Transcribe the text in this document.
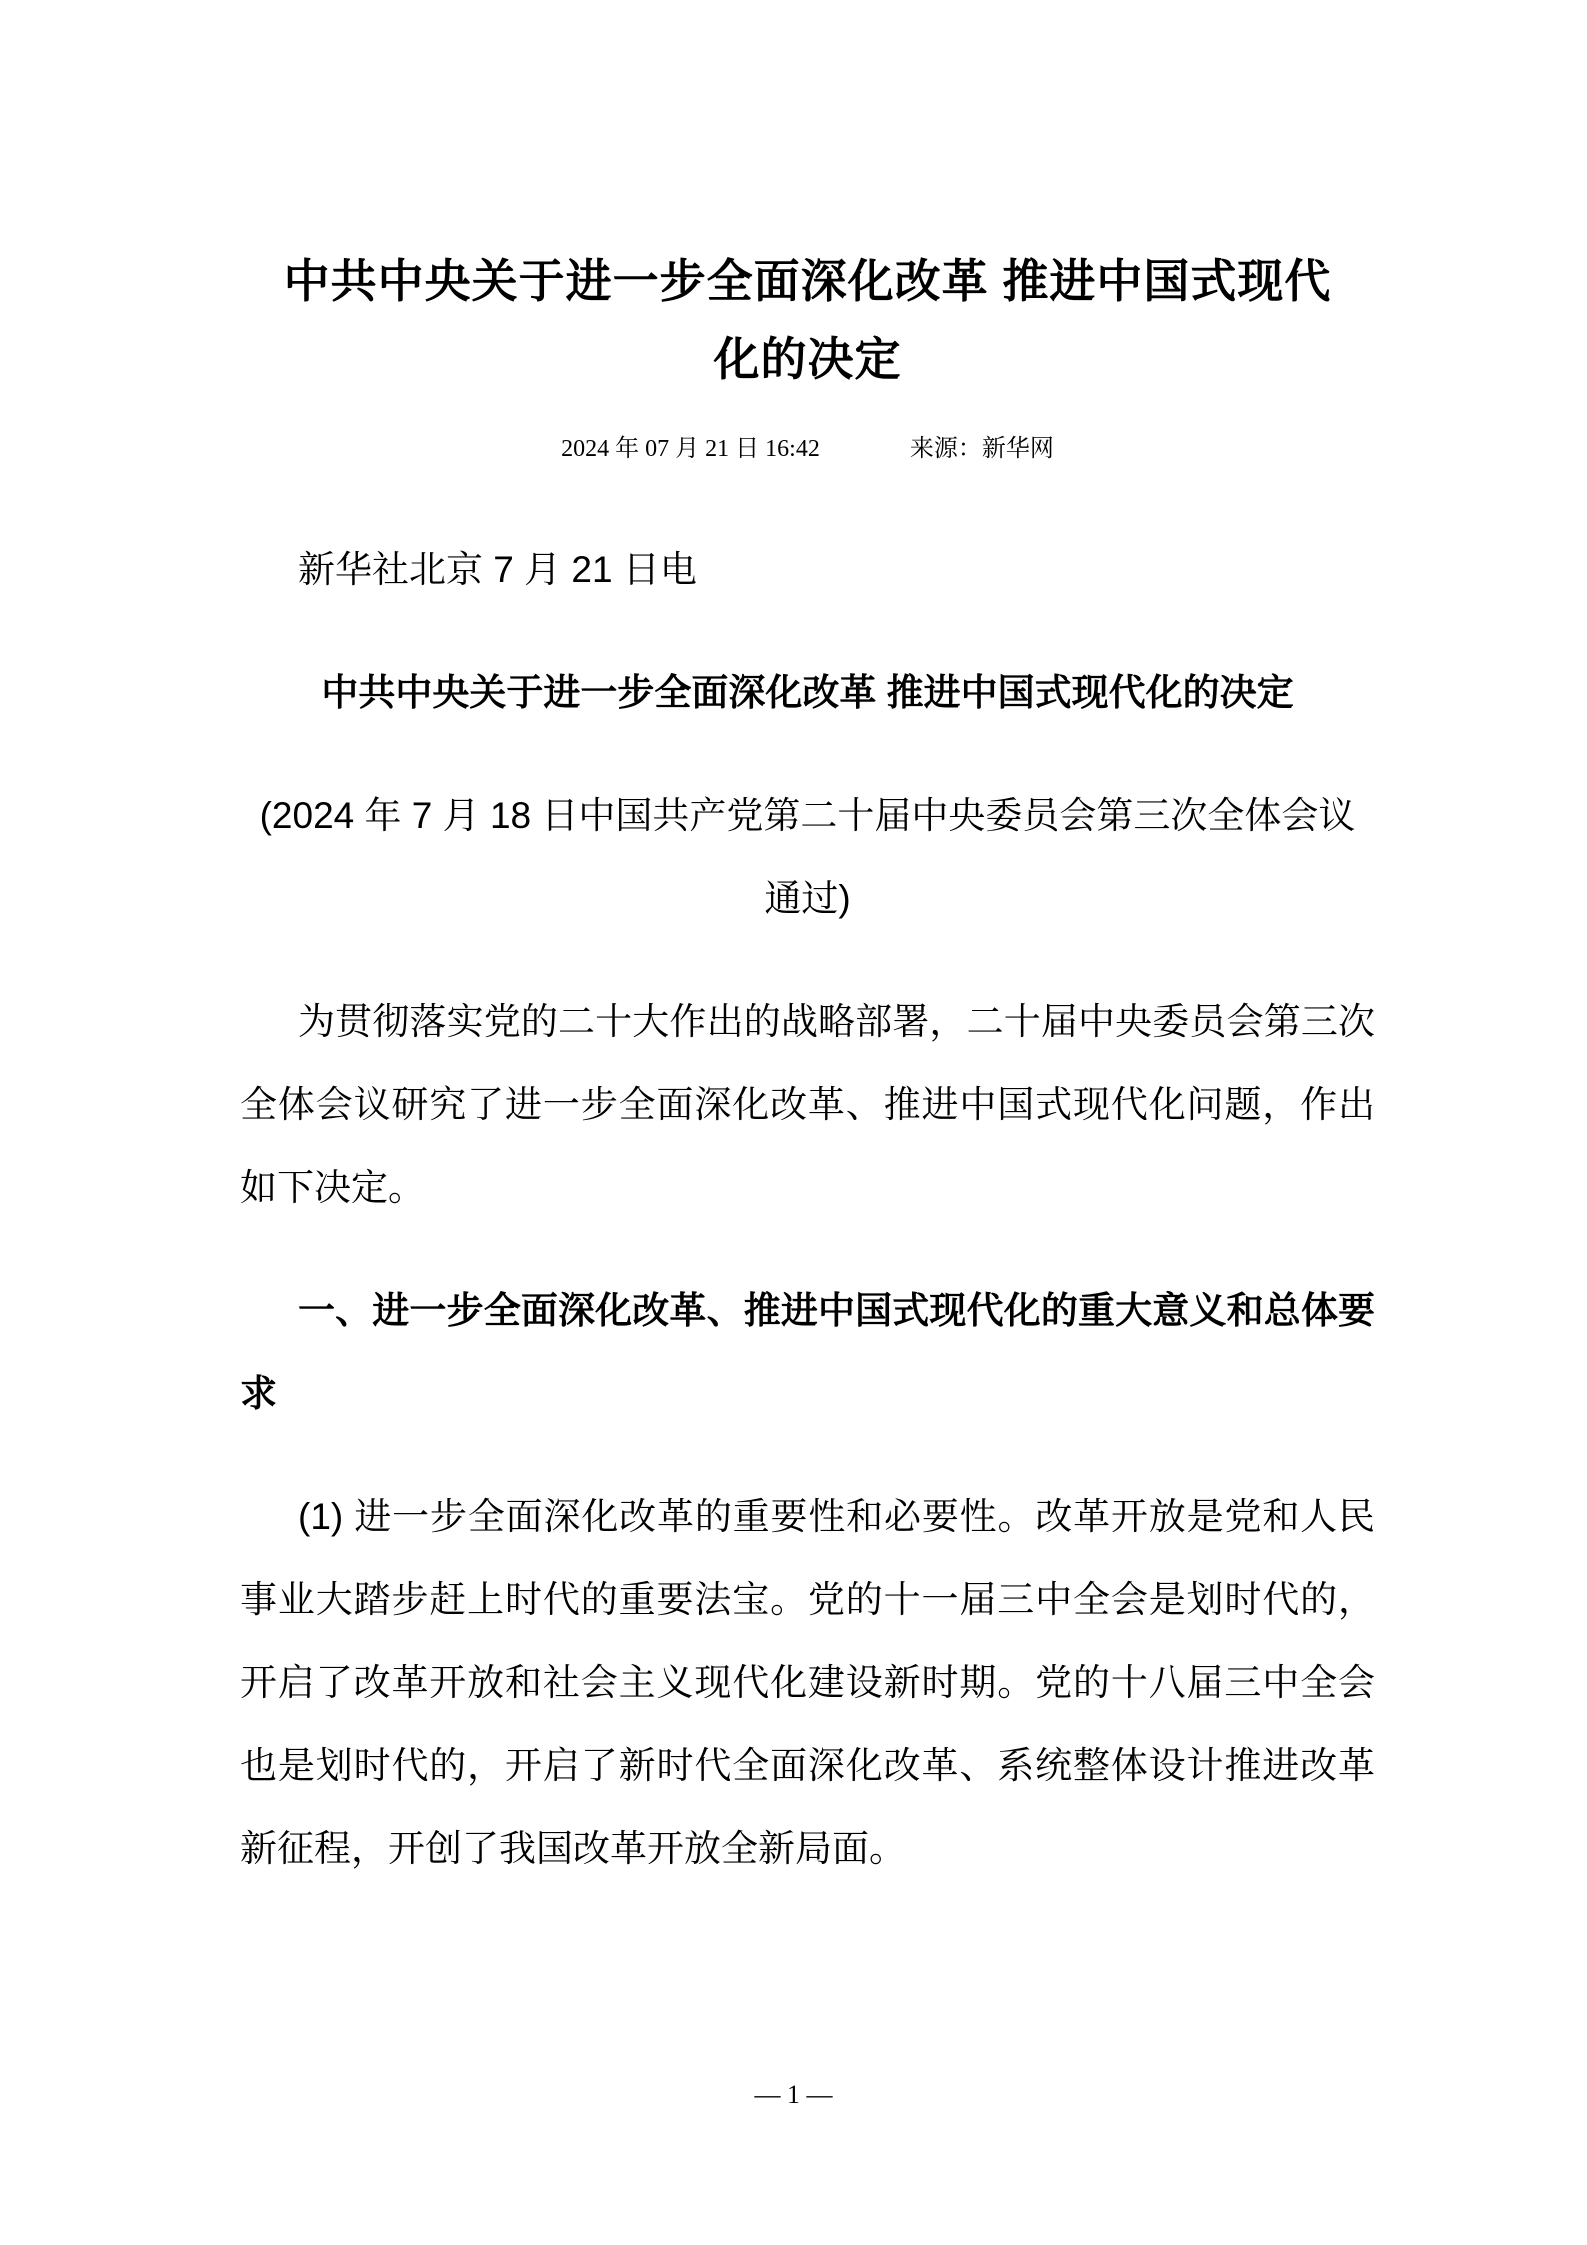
中共中央关于进一步全面深化改革 推进中国式现代
化的决定
2024 年 07 月 21 日 16:42	来源：新华网

新华社北京 7 月 21 日电

中共中央关于进一步全面深化改革 推进中国式现代化的决定

(2024 年 7 月 18 日中国共产党第二十届中央委员会第三次全体会议
通过)

为贯彻落实党的二十大作出的战略部署，二十届中央委员会第三次全体会议研究了进一步全面深化改革、推进中国式现代化问题，作出如下决定。

一、进一步全面深化改革、推进中国式现代化的重大意义和总体要求

(1) 进一步全面深化改革的重要性和必要性。改革开放是党和人民事业大踏步赶上时代的重要法宝。党的十一届三中全会是划时代的，开启了改革开放和社会主义现代化建设新时期。党的十八届三中全会也是划时代的，开启了新时代全面深化改革、系统整体设计推进改革新征程，开创了我国改革开放全新局面。

— 1 —
